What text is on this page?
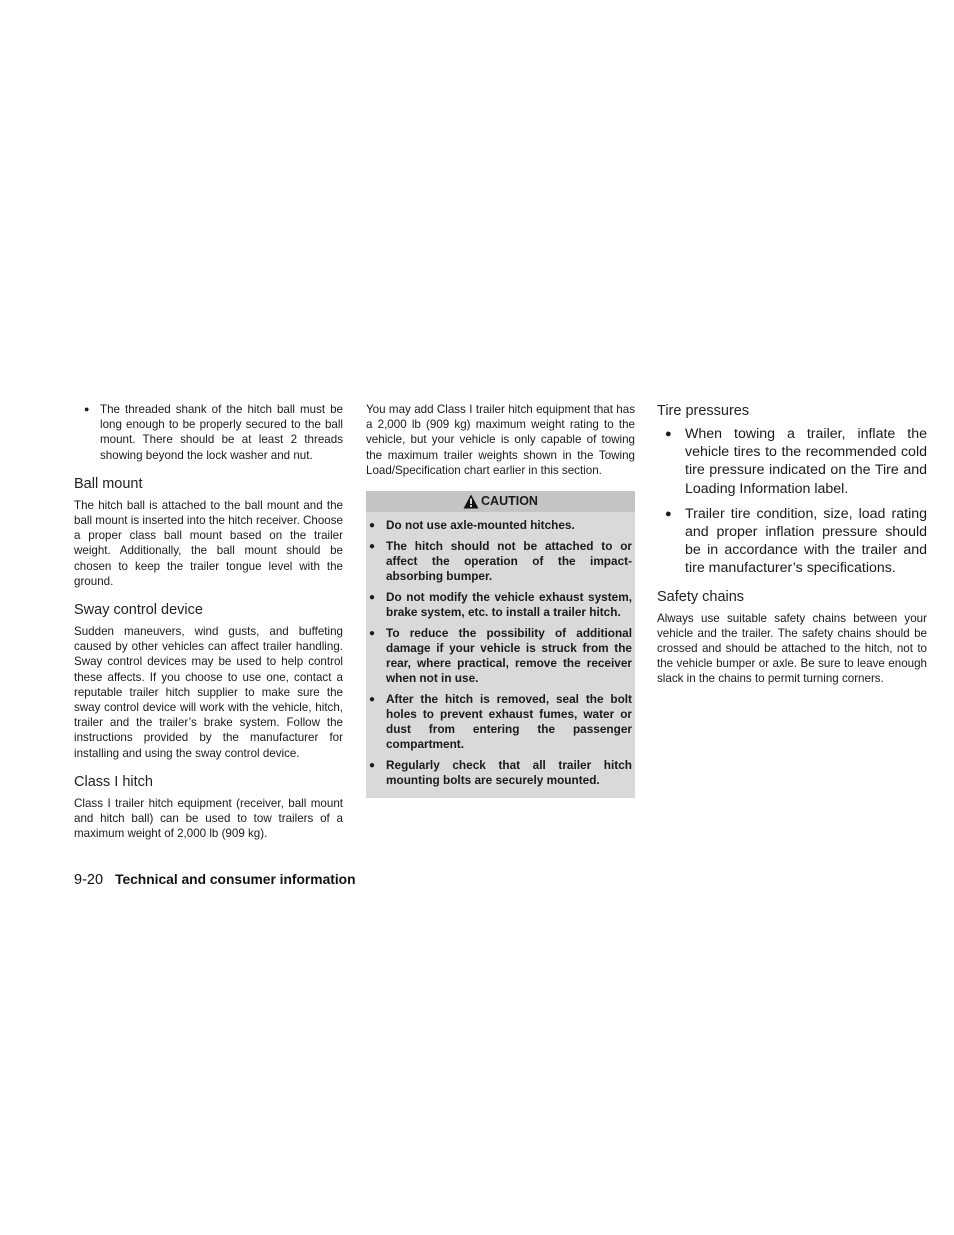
● The threaded shank of the hitch ball must be long enough to be properly secured to the ball mount. There should be at least 2 threads showing beyond the lock washer and nut.
Ball mount

The hitch ball is attached to the ball mount and the ball mount is inserted into the hitch receiver. Choose a proper class ball mount based on the trailer weight. Additionally, the ball mount should be chosen to keep the trailer tongue level with the ground.

Sway control device

Sudden maneuvers, wind gusts, and buffeting caused by other vehicles can affect trailer handling. Sway control devices may be used to help control these affects. If you choose to use one, contact a reputable trailer hitch supplier to make sure the sway control device will work with the vehicle, hitch, trailer and the trailer’s brake system. Follow the instructions provided by the manufacturer for installing and using the sway control device.

Class I hitch

Class I trailer hitch equipment (receiver, ball mount and hitch ball) can be used to tow trailers of a maximum weight of 2,000 lb (909 kg).

You may add Class I trailer hitch equipment that has a 2,000 lb (909 kg) maximum weight rating to the vehicle, but your vehicle is only capable of towing the maximum trailer weights shown in the Towing Load/Specification chart earlier in this section.

CAUTION
● Do not use axle-mounted hitches.
● The hitch should not be attached to or affect the operation of the impact-absorbing bumper.
● Do not modify the vehicle exhaust system, brake system, etc. to install a trailer hitch.
● To reduce the possibility of additional damage if your vehicle is struck from the rear, where practical, remove the receiver when not in use.
● After the hitch is removed, seal the bolt holes to prevent exhaust fumes, water or dust from entering the passenger compartment.
● Regularly check that all trailer hitch mounting bolts are securely mounted.
Tire pressures
● When towing a trailer, inflate the vehicle tires to the recommended cold tire pressure indicated on the Tire and Loading Information label.
● Trailer tire condition, size, load rating and proper inflation pressure should be in accordance with the trailer and tire manufacturer’s specifications.
Safety chains

Always use suitable safety chains between your vehicle and the trailer. The safety chains should be crossed and should be attached to the hitch, not to the vehicle bumper or axle. Be sure to leave enough slack in the chains to permit turning corners.

9-20 Technical and consumer information
